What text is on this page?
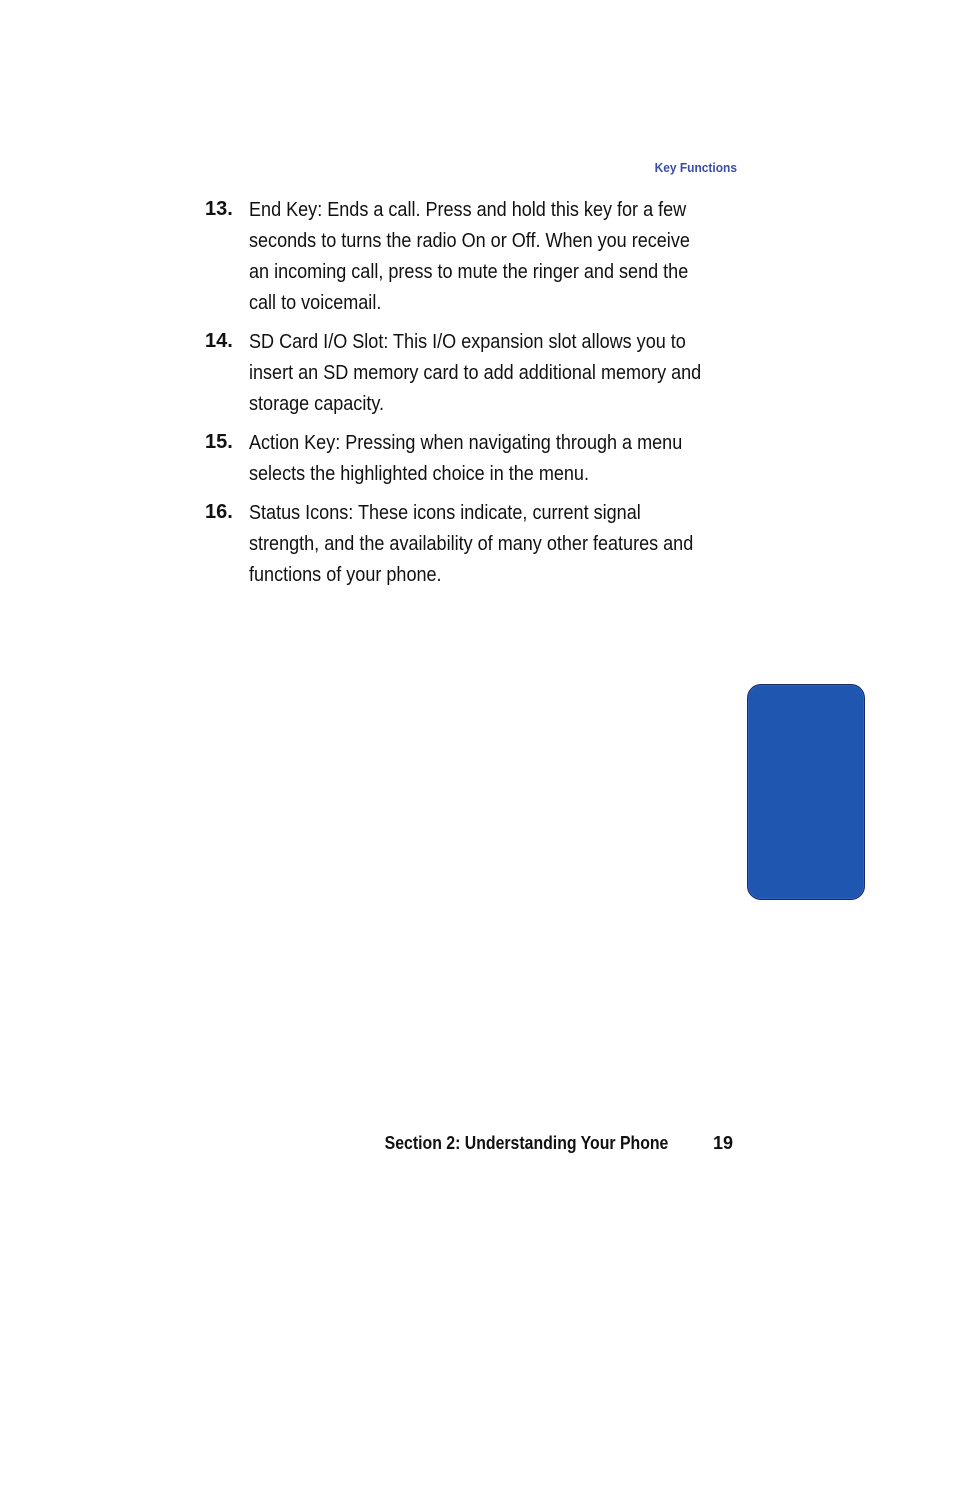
Key Functions
13. End Key: Ends a call. Press and hold this key for a few
seconds to turns the radio On or Off. When you receive
an incoming call, press to mute the ringer and send the
call to voicemail.
14. SD Card I/O Slot: This I/O expansion slot allows you to
insert an SD memory card to add additional memory and
storage capacity.
15. Action Key: Pressing when navigating through a menu
selects the highlighted choice in the menu.
16. Status Icons: These icons indicate, current signal
strength, and the availability of many other features and
functions of your phone.
Section 2
Section 2: Understanding Your Phone 19
